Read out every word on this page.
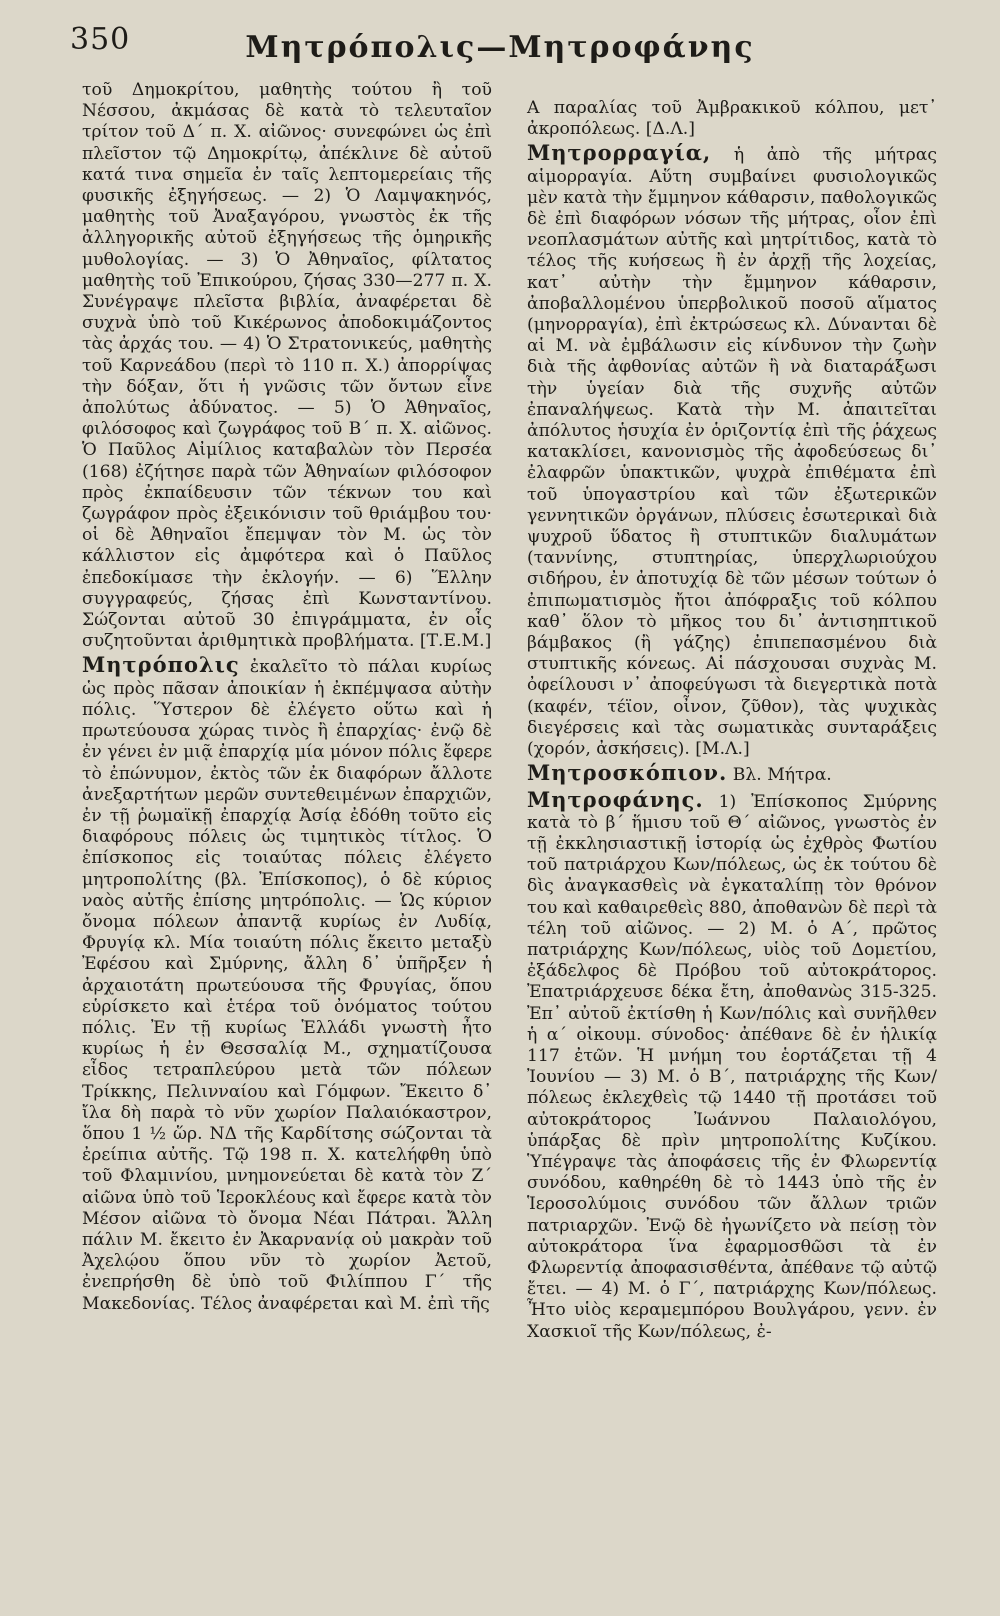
350	Μητρόπολις—Μητροφάνης

τοῦ Δημοκρίτου, μαθητὴς τούτου ἢ τοῦ Νέσσου, ἀκμάσας δὲ κατὰ τὸ τελευταῖον τρίτον τοῦ Δ΄ π. Χ. αἰῶνος· συνεφώνει ὡς ἐπὶ πλεῖστον τῷ Δημοκρίτῳ, ἀπέκλινε δὲ αὐτοῦ κατά τινα σημεῖα ἐν ταῖς λεπτομερείαις τῆς φυσικῆς ἐξηγήσεως. — 2) Ὁ Λαμψακηνός, μαθητὴς τοῦ Ἀναξαγόρου, γνωστὸς ἐκ τῆς ἀλληγορικῆς αὐτοῦ ἐξηγήσεως τῆς ὁμηρικῆς μυθολογίας. — 3) Ὁ Ἀθηναῖος, φίλτατος μαθητὴς τοῦ Ἐπικούρου, ζήσας 330—277 π. Χ. Συνέγραψε πλεῖστα βιβλία, ἀναφέρεται δὲ συχνὰ ὑπὸ τοῦ Κικέρωνος ἀποδοκιμάζοντος τὰς ἀρχάς του. — 4) Ὁ Στρατονικεύς, μαθητὴς τοῦ Καρνεάδου (περὶ τὸ 110 π. Χ.) ἀπορρίψας τὴν δόξαν, ὅτι ἡ γνῶσις τῶν ὄντων εἶνε ἀπολύτως ἀδύνατος. — 5) Ὁ Ἀθηναῖος, φιλόσοφος καὶ ζωγράφος τοῦ Β΄ π. Χ. αἰῶνος. Ὁ Παῦλος Αἰμίλιος καταβαλὼν τὸν Περσέα (168) ἐζήτησε παρὰ τῶν Ἀθηναίων φιλόσοφον πρὸς ἐκπαίδευσιν τῶν τέκνων του καὶ ζωγράφον πρὸς ἐξεικόνισιν τοῦ θριάμβου του· οἱ δὲ Ἀθηναῖοι ἔπεμψαν τὸν Μ. ὡς τὸν κάλλιστον εἰς ἀμφότερα καὶ ὁ Παῦλος ἐπεδοκίμασε τὴν ἐκλογήν. — 6) Ἕλλην συγγραφεύς, ζήσας ἐπὶ Κωνσταντίνου. Σώζονται αὐτοῦ 30 ἐπιγράμματα, ἐν οἷς συζητοῦνται ἀριθμητικὰ προβλήματα. [Τ.Ε.Μ.]

Μητρόπολις ἐκαλεῖτο τὸ πάλαι κυρίως ὡς πρὸς πᾶσαν ἀποικίαν ἡ ἐκπέμψασα αὐτὴν πόλις. Ὕστερον δὲ ἐλέγετο οὕτω καὶ ἡ πρωτεύουσα χώρας τινὸς ἢ ἐπαρχίας· ἐνῷ δὲ ἐν γένει ἐν μιᾷ ἐπαρχίᾳ μία μόνον πόλις ἔφερε τὸ ἐπώνυμον, ἐκτὸς τῶν ἐκ διαφόρων ἄλλοτε ἀνεξαρτήτων μερῶν συντεθειμένων ἐπαρχιῶν, ἐν τῇ ῥωμαϊκῇ ἐπαρχίᾳ Ἀσίᾳ ἐδόθη τοῦτο εἰς διαφόρους πόλεις ὡς τιμητικὸς τίτλος. Ὁ ἐπίσκοπος εἰς τοιαύτας πόλεις ἐλέγετο μητροπολίτης (βλ. Ἐπίσκοπος), ὁ δὲ κύριος ναὸς αὐτῆς ἐπίσης μητρόπολις. — Ὡς κύριον ὄνομα πόλεων ἀπαντᾷ κυρίως ἐν Λυδίᾳ, Φρυγίᾳ κλ. Μία τοιαύτη πόλις ἔκειτο μεταξὺ Ἐφέσου καὶ Σμύρνης, ἄλλη δ᾽ ὑπῆρξεν ἡ ἀρχαιοτάτη πρωτεύουσα τῆς Φρυγίας, ὅπου εὑρίσκετο καὶ ἑτέρα τοῦ ὀνόματος τούτου πόλις. Ἐν τῇ κυρίως Ἑλλάδι γνωστὴ ἦτο κυρίως ἡ ἐν Θεσσαλίᾳ Μ., σχηματίζουσα εἶδος τετραπλεύρου μετὰ τῶν πόλεων Τρίκκης, Πελινναίου καὶ Γόμφων. Ἔκειτο δ᾽ ἴλα δὴ παρὰ τὸ νῦν χωρίον Παλαιόκαστρον, ὅπου 1 ½ ὥρ. ΝΔ τῆς Καρδίτσης σώζονται τὰ ἐρείπια αὐτῆς. Τῷ 198 π. Χ. κατελήφθη ὑπὸ τοῦ Φλαμινίου, μνημονεύεται δὲ κατὰ τὸν Ζ΄ αἰῶνα ὑπὸ τοῦ Ἱεροκλέους καὶ ἔφερε κατὰ τὸν Μέσον αἰῶνα τὸ ὄνομα Νέαι Πάτραι. Ἄλλη πάλιν Μ. ἔκειτο ἐν Ἀκαρνανίᾳ οὐ μακρὰν τοῦ Ἀχελῴου ὅπου νῦν τὸ χωρίον Ἀετοῦ, ἐνεπρήσθη δὲ ὑπὸ τοῦ Φιλίππου Γ΄ τῆς Μακεδονίας. Τέλος ἀναφέρεται καὶ Μ. ἐπὶ τῆς

Α παραλίας τοῦ Ἀμβρακικοῦ κόλπου, μετ᾽ ἀκροπόλεως. [Δ.Λ.]

Μητρορραγία, ἡ ἀπὸ τῆς μήτρας αἱμορραγία. Αὕτη συμβαίνει φυσιολογικῶς μὲν κατὰ τὴν ἔμμηνον κάθαρσιν, παθολογικῶς δὲ ἐπὶ διαφόρων νόσων τῆς μήτρας, οἷον ἐπὶ νεοπλασμάτων αὐτῆς καὶ μητρίτιδος, κατὰ τὸ τέλος τῆς κυήσεως ἢ ἐν ἀρχῇ τῆς λοχείας, κατ᾽ αὐτὴν τὴν ἔμμηνον κάθαρσιν, ἀποβαλλομένου ὑπερβολικοῦ ποσοῦ αἵματος (μηνορραγία), ἐπὶ ἐκτρώσεως κλ. Δύνανται δὲ αἱ Μ. νὰ ἐμβάλωσιν εἰς κίνδυνον τὴν ζωὴν διὰ τῆς ἀφθονίας αὐτῶν ἢ νὰ διαταράξωσι τὴν ὑγείαν διὰ τῆς συχνῆς αὐτῶν ἐπαναλήψεως. Κατὰ τὴν Μ. ἀπαιτεῖται ἀπόλυτος ἡσυχία ἐν ὁριζοντίᾳ ἐπὶ τῆς ῥάχεως κατακλίσει, κανονισμὸς τῆς ἀφοδεύσεως δι᾽ ἐλαφρῶν ὑπακτικῶν, ψυχρὰ ἐπιθέματα ἐπὶ τοῦ ὑπογαστρίου καὶ τῶν ἐξωτερικῶν γεννητικῶν ὀργάνων, πλύσεις ἐσωτερικαὶ διὰ ψυχροῦ ὕδατος ἢ στυπτικῶν διαλυμάτων (ταννίνης, στυπτηρίας, ὑπερχλωριούχου σιδήρου, ἐν ἀποτυχίᾳ δὲ τῶν μέσων τούτων ὁ ἐπιπωματισμὸς ἤτοι ἀπόφραξις τοῦ κόλπου καθ᾽ ὅλον τὸ μῆκος του δι᾽ ἀντισηπτικοῦ βάμβακος (ἢ γάζης) ἐπιπεπασμένου διὰ στυπτικῆς κόνεως. Αἱ πάσχουσαι συχνὰς Μ. ὀφείλουσι ν᾽ ἀποφεύγωσι τὰ διεγερτικὰ ποτὰ (καφέν, τέϊον, οἶνον, ζῦθον), τὰς ψυχικὰς διεγέρσεις καὶ τὰς σωματικὰς συνταράξεις (χορόν, ἀσκήσεις). [Μ.Λ.]

Μητροσκόπιον. Βλ. Μήτρα.

Μητροφάνης. 1) Ἐπίσκοπος Σμύρνης κατὰ τὸ β΄ ἥμισυ τοῦ Θ΄ αἰῶνος, γνωστὸς ἐν τῇ ἐκκλησιαστικῇ ἱστορίᾳ ὡς ἐχθρὸς Φωτίου τοῦ πατριάρχου Κων/πόλεως, ὡς ἐκ τούτου δὲ δὶς ἀναγκασθεὶς νὰ ἐγκαταλίπῃ τὸν θρόνον του καὶ καθαιρεθεὶς 880, ἀποθανὼν δὲ περὶ τὰ τέλη τοῦ αἰῶνος. — 2) Μ. ὁ Α΄, πρῶτος πατριάρχης Κων/πόλεως, υἱὸς τοῦ Δομετίου, ἐξάδελφος δὲ Πρόβου τοῦ αὐτοκράτορος. Ἐπατριάρχευσε δέκα ἔτη, ἀποθανὼς 315-325. Ἐπ᾽ αὐτοῦ ἐκτίσθη ἡ Κων/πόλις καὶ συνῆλθεν ἡ α΄ οἰκουμ. σύνοδος· ἀπέθανε δὲ ἐν ἡλικίᾳ 117 ἐτῶν. Ἡ μνήμη του ἑορτάζεται τῇ 4 Ἰουνίου — 3) Μ. ὁ Β΄, πατριάρχης τῆς Κων/πόλεως ἐκλεχθεὶς τῷ 1440 τῇ προτάσει τοῦ αὐτοκράτορος Ἰωάννου Παλαιολόγου, ὑπάρξας δὲ πρὶν μητροπολίτης Κυζίκου. Ὑπέγραψε τὰς ἀποφάσεις τῆς ἐν Φλωρεντίᾳ συνόδου, καθηρέθη δὲ τὸ 1443 ὑπὸ τῆς ἐν Ἱεροσολύμοις συνόδου τῶν ἄλλων τριῶν πατριαρχῶν. Ἐνῷ δὲ ἠγωνίζετο νὰ πείσῃ τὸν αὐτοκράτορα ἵνα ἐφαρμοσθῶσι τὰ ἐν Φλωρεντίᾳ ἀποφασισθέντα, ἀπέθανε τῷ αὐτῷ ἔτει. — 4) Μ. ὁ Γ΄, πατριάρχης Κων/πόλεως. Ἦτο υἱὸς κεραμεμπόρου Βουλγάρου, γενν. ἐν Χασκιοῖ τῆς Κων/πόλεως, ἐ-
